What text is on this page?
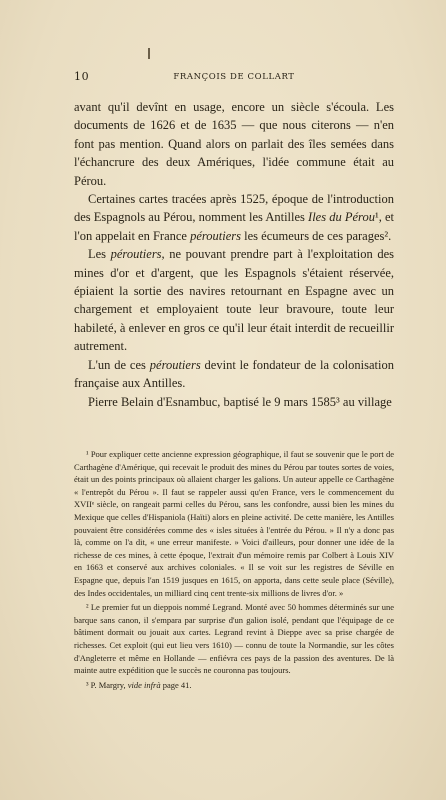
10	FRANÇOIS DE COLLART

avant qu'il devînt en usage, encore un siècle s'écoula. Les documents de 1626 et de 1635 — que nous citerons — n'en font pas mention. Quand alors on parlait des îles semées dans l'échancrure des deux Amériques, l'idée commune était au Pérou.

Certaines cartes tracées après 1525, époque de l'introduction des Espagnols au Pérou, nomment les Antilles Iles du Pérou¹, et l'on appelait en France péroutiers les écumeurs de ces parages².

Les péroutiers, ne pouvant prendre part à l'exploitation des mines d'or et d'argent, que les Espagnols s'étaient réservée, épiaient la sortie des navires retournant en Espagne avec un chargement et employaient toute leur bravoure, toute leur habileté, à enlever en gros ce qu'il leur était interdit de recueillir autrement.

L'un de ces péroutiers devint le fondateur de la colonisation française aux Antilles.

Pierre Belain d'Esnambuc, baptisé le 9 mars 1585³ au village

¹ Pour expliquer cette ancienne expression géographique, il faut se souvenir que le port de Carthagène d'Amérique, qui recevait le produit des mines du Pérou par toutes sortes de voies, était un des points principaux où allaient charger les galions. Un auteur appelle ce Carthagène « l'entrepôt du Pérou ». Il faut se rappeler aussi qu'en France, vers le commencement du XVIIᵉ siècle, on rangeait parmi celles du Pérou, sans les confondre, aussi bien les mines du Mexique que celles d'Hispaniola (Haïti) alors en pleine activité. De cette manière, les Antilles pouvaient être considérées comme des « isles situées à l'entrée du Pérou. » Il n'y a donc pas là, comme on l'a dit, « une erreur manifeste. » Voici d'ailleurs, pour donner une idée de la richesse de ces mines, à cette époque, l'extrait d'un mémoire remis par Colbert à Louis XIV en 1663 et conservé aux archives coloniales. « Il se voit sur les registres de Séville en Espagne que, depuis l'an 1519 jusques en 1615, on apporta, dans cette seule place (Séville), des Indes occidentales, un milliard cinq cent trente-six millions de livres d'or. »

² Le premier fut un dieppois nommé Legrand. Monté avec 50 hommes déterminés sur une barque sans canon, il s'empara par surprise d'un galion isolé, pendant que l'équipage de ce bâtiment dormait ou jouait aux cartes. Legrand revint à Dieppe avec sa prise chargée de richesses. Cet exploit (qui eut lieu vers 1610) — connu de toute la Normandie, sur les côtes d'Angleterre et même en Hollande — enfiévra ces pays de la passion des aventures. De là mainte autre expédition que le succès ne couronna pas toujours.

³ P. Margry, vide infrà page 41.
